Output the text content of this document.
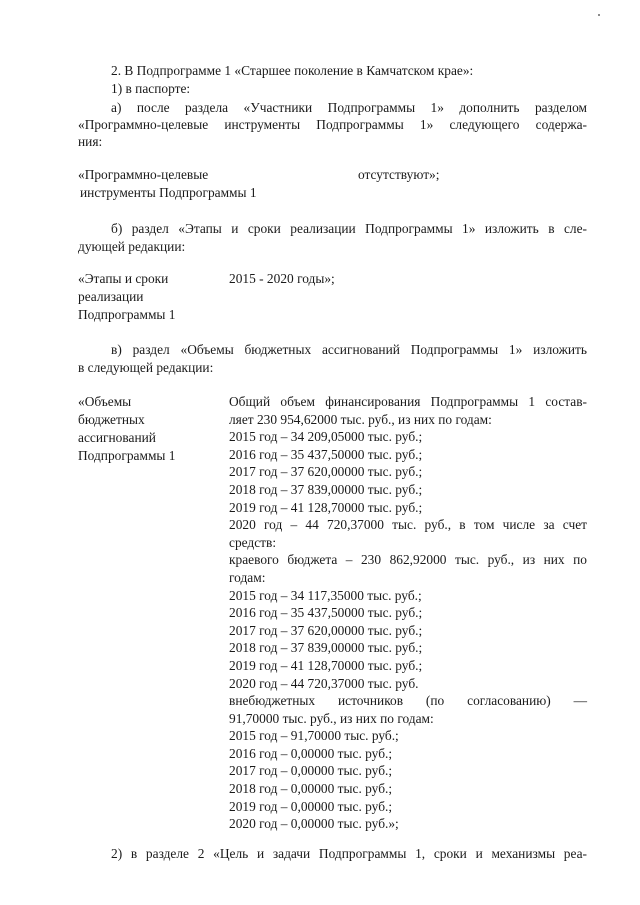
2. В Подпрограмме 1 «Старшее поколение в Камчатском крае»:
1) в паспорте:
а) после раздела «Участники Подпрограммы 1» дополнить разделом
«Программно-целевые инструменты Подпрограммы 1» следующего содержа-
ния:
«Программно-целевые
инструменты Подпрограммы 1
отсутствуют»;
б) раздел «Этапы и сроки реализации Подпрограммы 1» изложить в сле-
дующей редакции:
«Этапы и сроки
реализации
Подпрограммы 1
2015 - 2020 годы»;
в) раздел «Объемы бюджетных ассигнований Подпрограммы 1» изложить
в следующей редакции:
«Объемы
бюджетных
ассигнований
Подпрограммы 1
Общий объем финансирования Подпрограммы 1 состав-
ляет 230 954,62000 тыс. руб., из них по годам:
2015 год – 34 209,05000 тыс. руб.;
2016 год – 35 437,50000 тыс. руб.;
2017 год – 37 620,00000 тыс. руб.;
2018 год – 37 839,00000 тыс. руб.;
2019 год – 41 128,70000 тыс. руб.;
2020 год – 44 720,37000 тыс. руб., в том числе за счет
средств:
краевого бюджета – 230 862,92000 тыс. руб., из них по
годам:
2015 год – 34 117,35000 тыс. руб.;
2016 год – 35 437,50000 тыс. руб.;
2017 год – 37 620,00000 тыс. руб.;
2018 год – 37 839,00000 тыс. руб.;
2019 год – 41 128,70000 тыс. руб.;
2020 год – 44 720,37000 тыс. руб.
внебюджетных источников (по согласованию) —
91,70000 тыс. руб., из них по годам:
2015 год – 91,70000 тыс. руб.;
2016 год – 0,00000 тыс. руб.;
2017 год – 0,00000 тыс. руб.;
2018 год – 0,00000 тыс. руб.;
2019 год – 0,00000 тыс. руб.;
2020 год – 0,00000 тыс. руб.»;
2) в разделе 2 «Цель и задачи Подпрограммы 1, сроки и механизмы реа-
